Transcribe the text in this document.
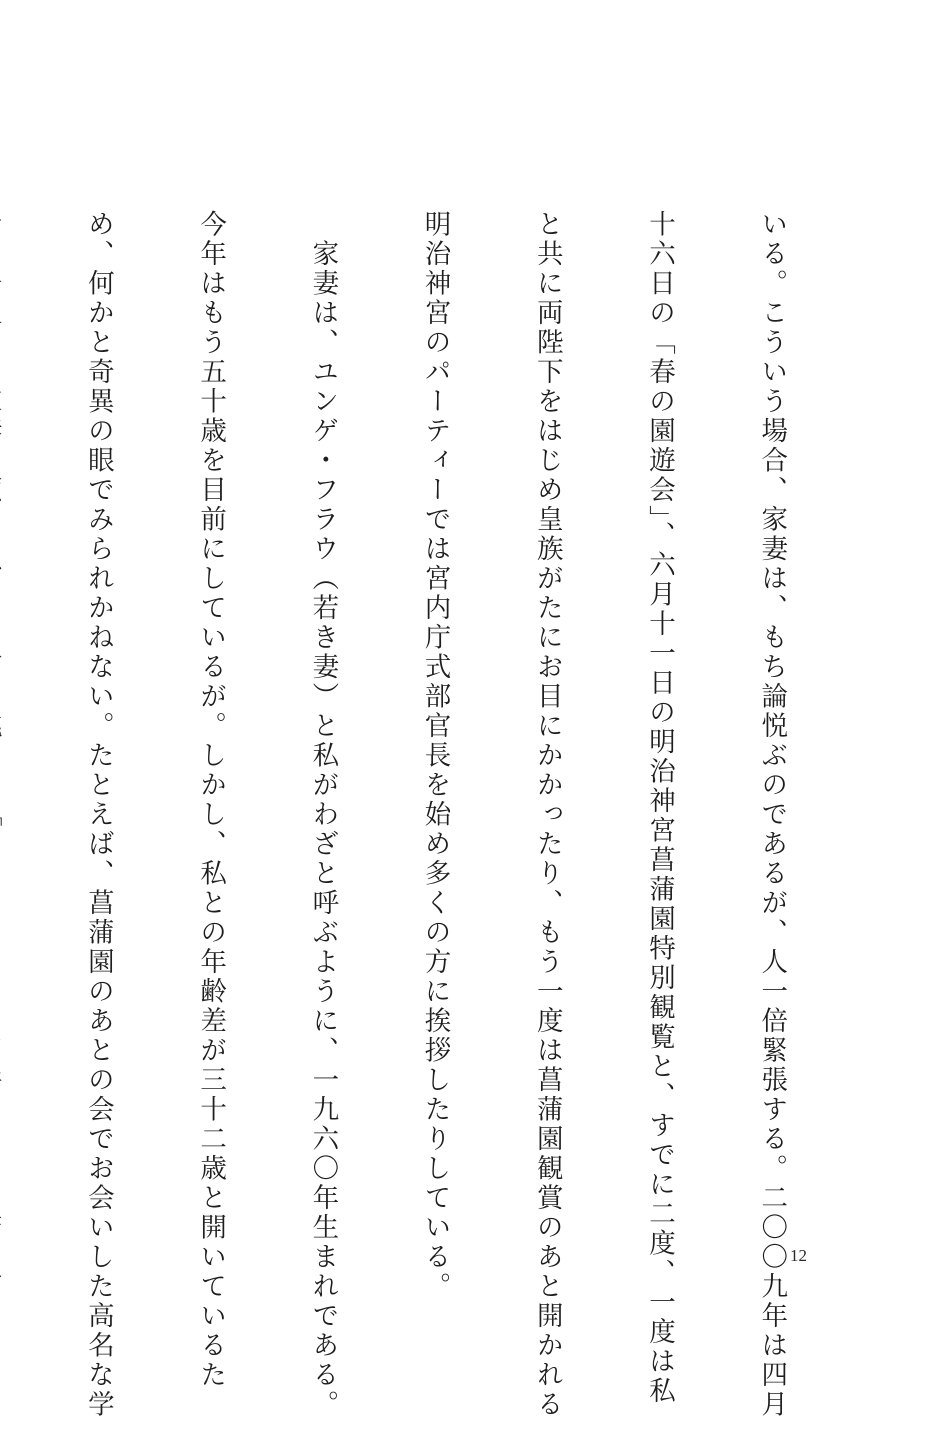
いる。こういう場合、家妻は、もち論悦ぶのであるが、人一倍緊張する。二〇〇九年は四月

十六日の「春の園遊会」、六月十一日の明治神宮菖蒲園特別観覧と、すでに二度、一度は私

と共に両陛下をはじめ皇族がたにお目にかかったり、もう一度は菖蒲園観賞のあと開かれる

明治神宮のパーティーでは宮内庁式部官長を始め多くの方に挨拶したりしている。

　家妻は、ユンゲ・フラウ（若き妻）と私がわざと呼ぶように、一九六〇年生まれである。

今年はもう五十歳を目前にしているが。しかし、私との年齢差が三十二歳と開いているた

め、何かと奇異の眼でみられかねない。たとえば、菖蒲園のあとの会でお会いした高名な学

	12
